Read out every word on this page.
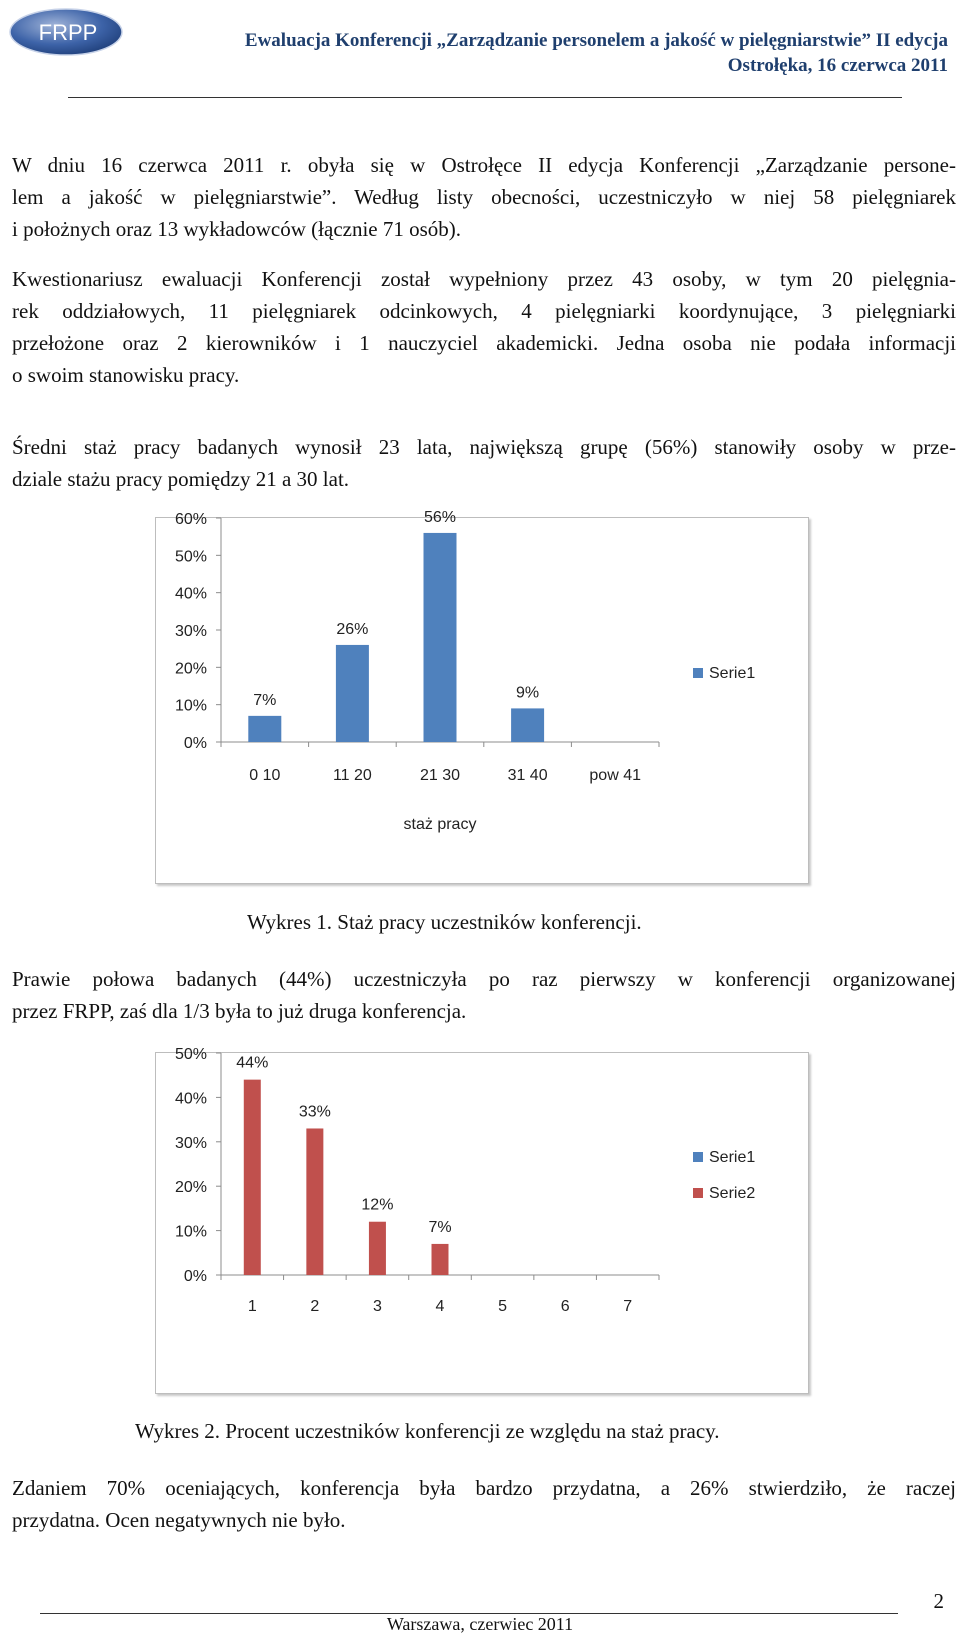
FRPP	Ewaluacja Konferencji „Zarządzanie personelem a jakość w pielęgniarstwie” II edycja
Ostrołęka, 16 czerwca 2011
W dniu 16 czerwca 2011 r. obyła się w Ostrołęce II edycja Konferencji „Zarządzanie persone-
lem a jakość w pielęgniarstwie”. Według listy obecności, uczestniczyło w niej 58 pielęgniarek
i położnych oraz 13 wykładowców (łącznie 71 osób).
Kwestionariusz ewaluacji Konferencji został wypełniony przez 43 osoby, w tym 20 pielęgnia-
rek oddziałowych, 11 pielęgniarek odcinkowych, 4 pielęgniarki koordynujące, 3 pielęgniarki
przełożone oraz 2 kierowników i 1 nauczyciel akademicki. Jedna osoba nie podała informacji
o swoim stanowisku pracy.
Średni staż pracy badanych wynosił 23 lata, największą grupę (56%) stanowiły osoby w prze-
dziale stażu pracy pomiędzy 21 a 30 lat.
0%
10%
20%
30%
40%
50%
60%
0 10	11 20	21 30	31 40	pow 41
7%
26%
56%
9%
staż pracy
Serie1
Wykres 1. Staż pracy uczestników konferencji.
Prawie połowa badanych (44%) uczestniczyła po raz pierwszy w konferencji organizowanej
przez FRPP, zaś dla 1/3 była to już druga konferencja.
0%
10%
20%
30%
40%
50%
1	2	3	4	5	6	7
44%
33%
12%
7%
Serie1
Serie2
Wykres 2. Procent uczestników konferencji ze względu na staż pracy.
Zdaniem 70% oceniających, konferencja była bardzo przydatna, a 26% stwierdziło, że raczej
przydatna. Ocen negatywnych nie było.
2
Warszawa, czerwiec 2011
